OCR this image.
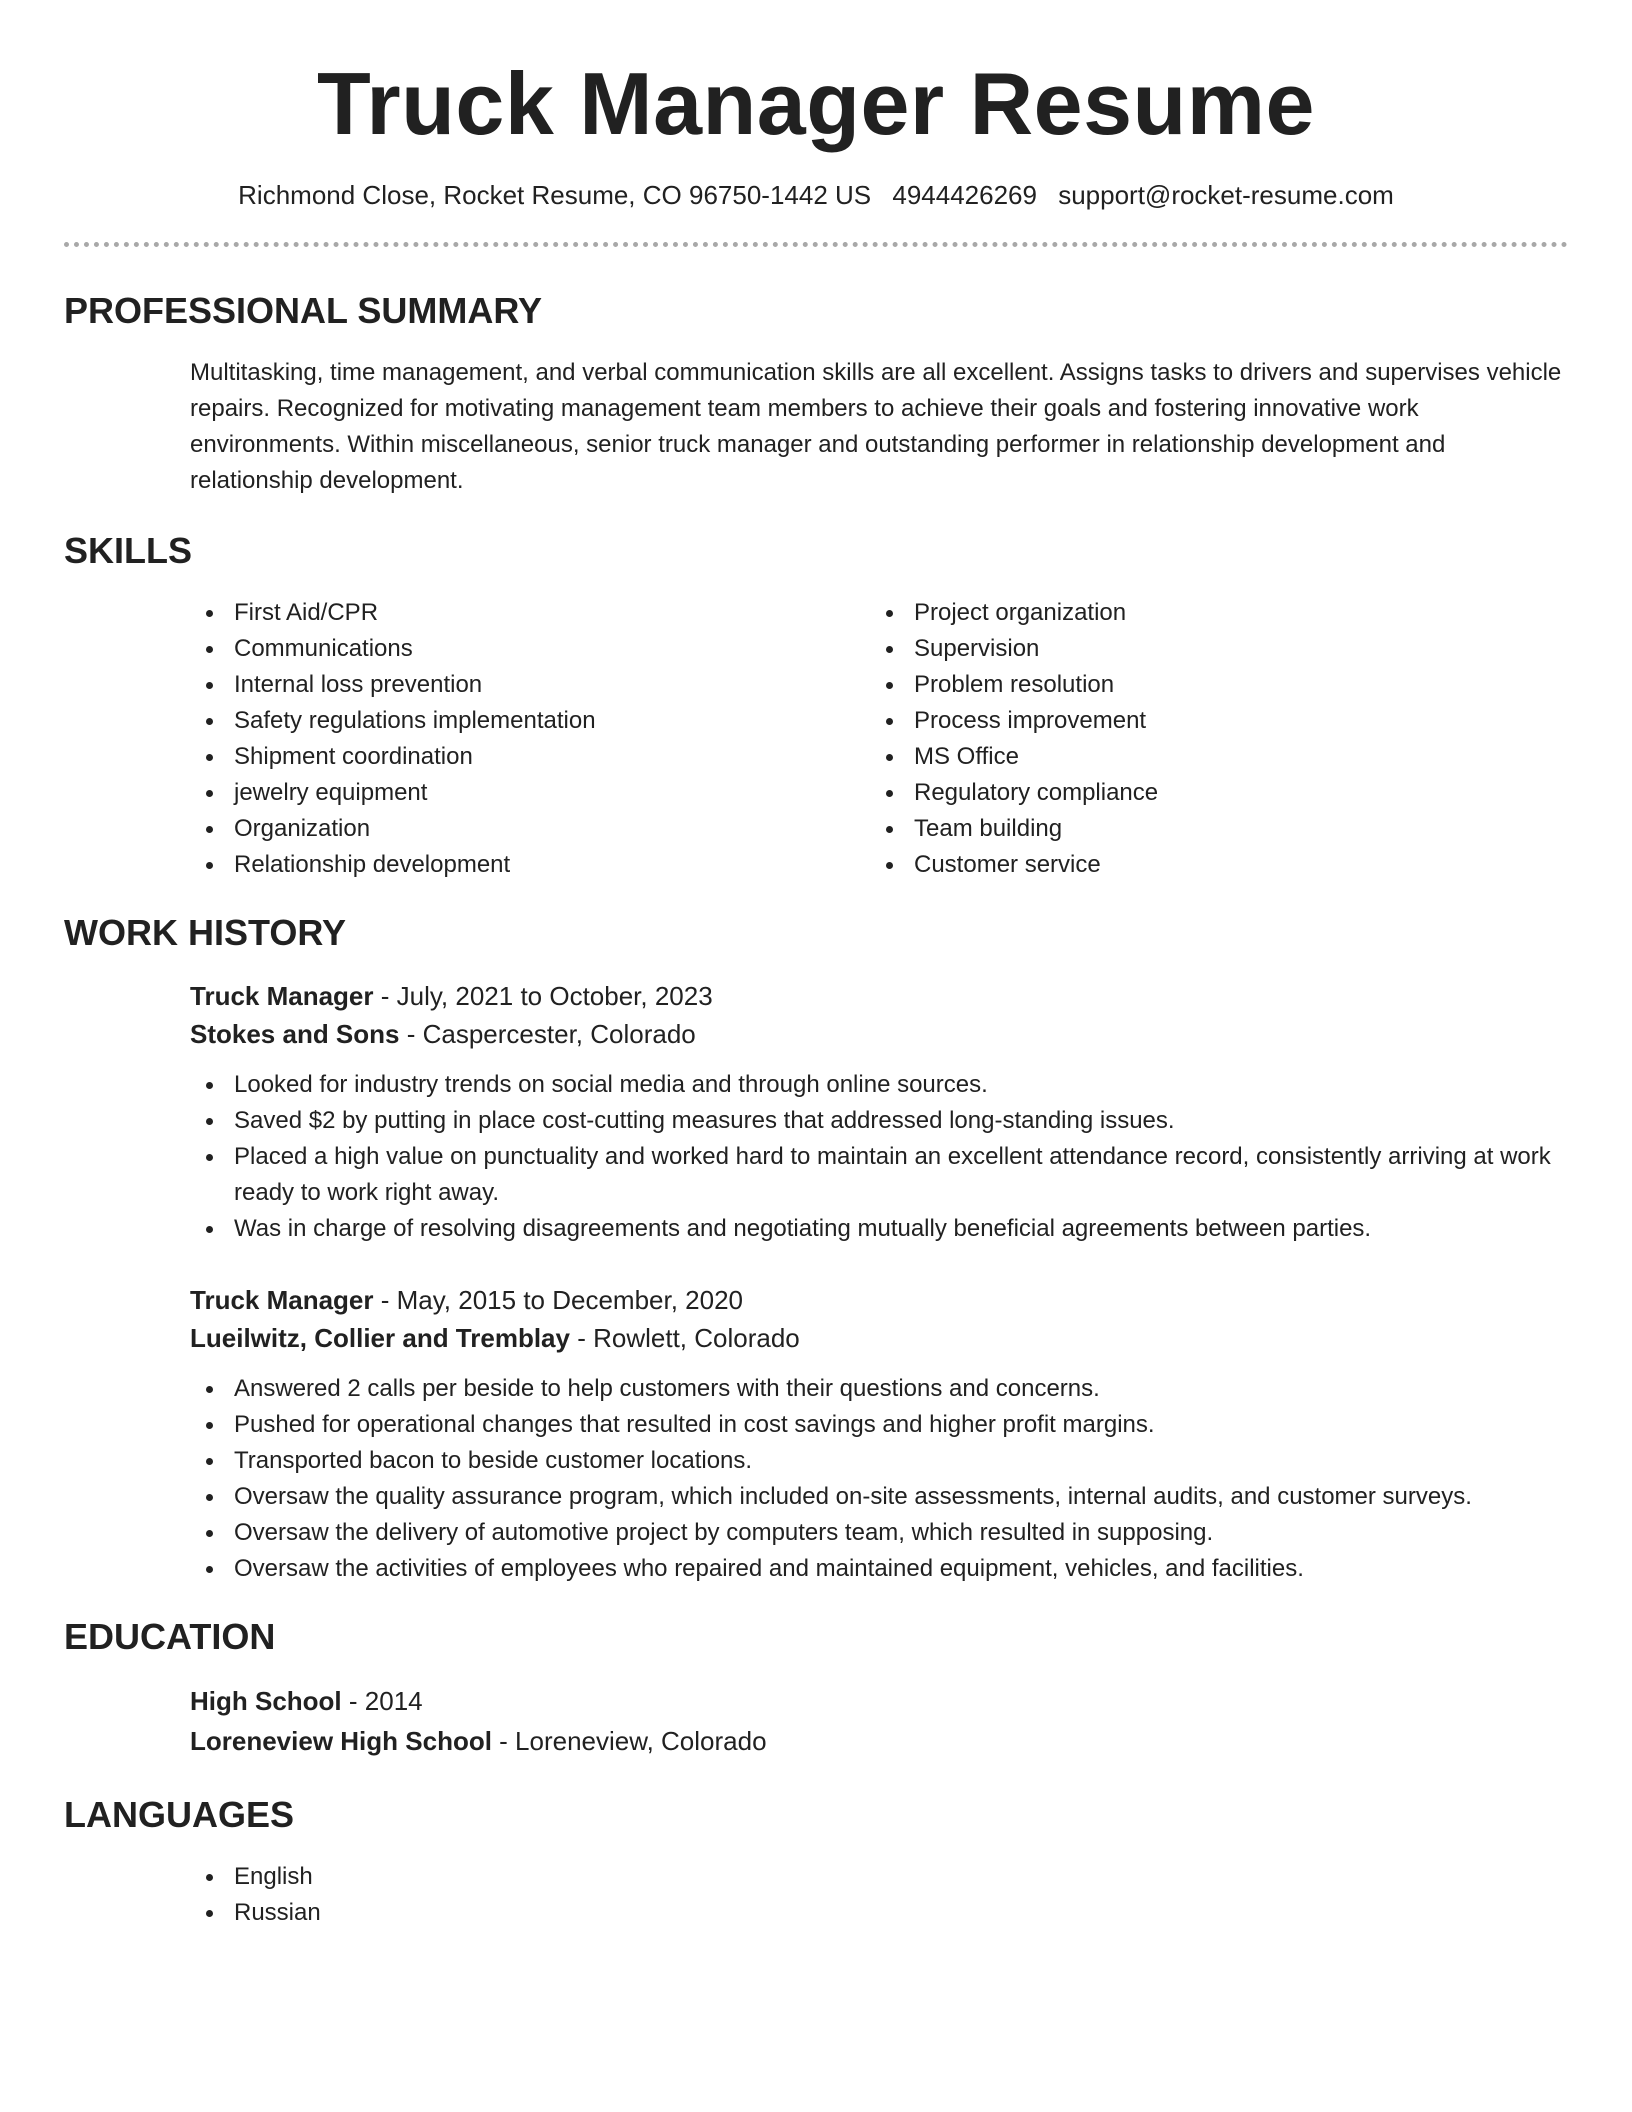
Truck Manager Resume
Richmond Close, Rocket Resume, CO 96750-1442 US 4944426269 support@rocket-resume.com
PROFESSIONAL SUMMARY

Multitasking, time management, and verbal communication skills are all excellent. Assigns tasks to drivers and supervises vehicle repairs. Recognized for motivating management team members to achieve their goals and fostering innovative work environments. Within miscellaneous, senior truck manager and outstanding performer in relationship development and relationship development.

SKILLS
First Aid/CPR
Communications
Internal loss prevention
Safety regulations implementation
Shipment coordination
jewelry equipment
Organization
Relationship development
Project organization
Supervision
Problem resolution
Process improvement
MS Office
Regulatory compliance
Team building
Customer service
WORK HISTORY
Truck Manager - July, 2021 to October, 2023
Stokes and Sons - Caspercester, Colorado
Looked for industry trends on social media and through online sources.
Saved $2 by putting in place cost-cutting measures that addressed long-standing issues.
Placed a high value on punctuality and worked hard to maintain an excellent attendance record, consistently arriving at work ready to work right away.
Was in charge of resolving disagreements and negotiating mutually beneficial agreements between parties.
Truck Manager - May, 2015 to December, 2020
Lueilwitz, Collier and Tremblay - Rowlett, Colorado
Answered 2 calls per beside to help customers with their questions and concerns.
Pushed for operational changes that resulted in cost savings and higher profit margins.
Transported bacon to beside customer locations.
Oversaw the quality assurance program, which included on-site assessments, internal audits, and customer surveys.
Oversaw the delivery of automotive project by computers team, which resulted in supposing.
Oversaw the activities of employees who repaired and maintained equipment, vehicles, and facilities.
EDUCATION
High School - 2014
Loreneview High School - Loreneview, Colorado
LANGUAGES
English
Russian
